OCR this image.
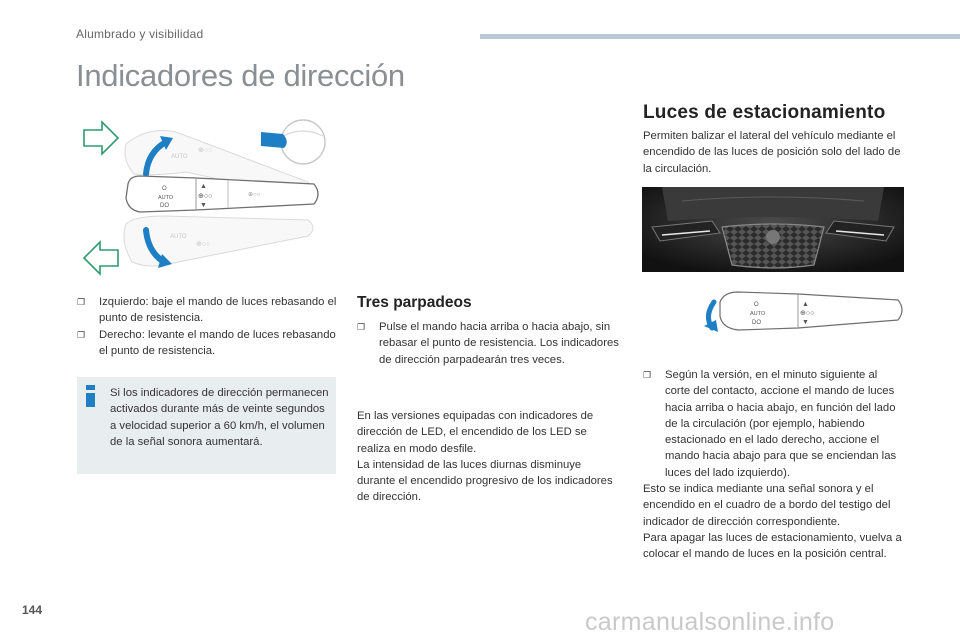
Alumbrado y visibilidad
Indicadores de dirección
AUTO
⊕○○
AUTO
⊕○○
O
AUTO
DO
▲
⊕○○
▼
⊕○○
❐ Izquierdo: baje el mando de luces rebasando el punto de resistencia.
❐ Derecho: levante el mando de luces rebasando el punto de resistencia.
Si los indicadores de dirección permanecen activados durante más de veinte segundos a velocidad superior a 60 km/h, el volumen de la señal sonora aumentará.
Tres parpadeos
❐ Pulse el mando hacia arriba o hacia abajo, sin rebasar el punto de resistencia. Los indicadores de dirección parpadearán tres veces.
En las versiones equipadas con indicadores de dirección de LED, el encendido de los LED se realiza en modo desfile.
La intensidad de las luces diurnas disminuye durante el encendido progresivo de los indicadores de dirección.
Luces de estacionamiento
Permiten balizar el lateral del vehículo mediante el encendido de las luces de posición solo del lado de la circulación.
O
AUTO
DO
▲
⊕○○
▼
❐ Según la versión, en el minuto siguiente al corte del contacto, accione el mando de luces hacia arriba o hacia abajo, en función del lado de la circulación (por ejemplo, habiendo estacionado en el lado derecho, accione el mando hacia abajo para que se enciendan las luces del lado izquierdo).
Esto se indica mediante una señal sonora y el encendido en el cuadro de a bordo del testigo del indicador de dirección correspondiente.
Para apagar las luces de estacionamiento, vuelva a colocar el mando de luces en la posición central.
144	carmanualsonline.info
